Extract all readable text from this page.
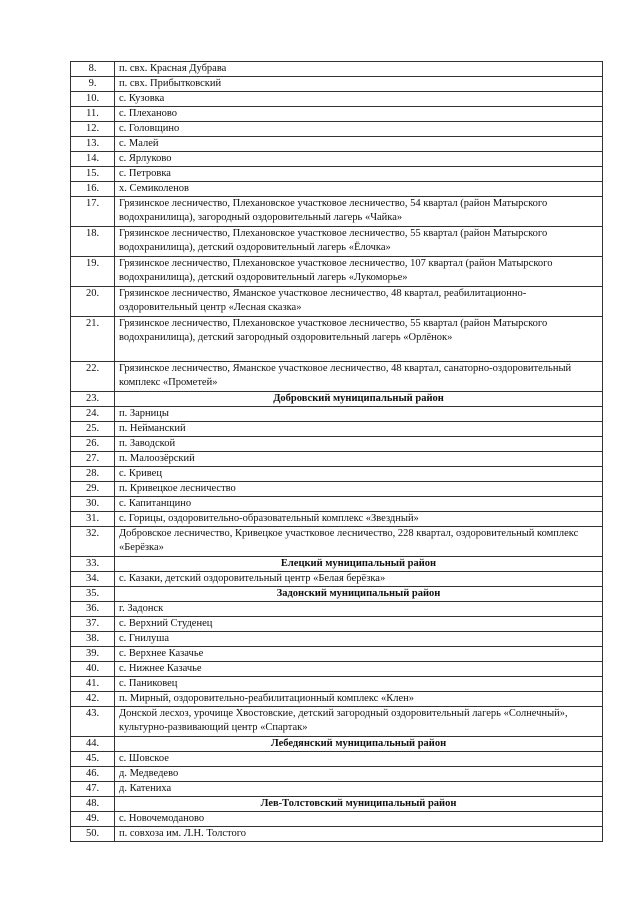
8.	п. свх. Красная Дубрава
9.	п. свх. Прибытковский
10.	с. Кузовка
11.	с. Плеханово
12.	с. Головщино
13.	с. Малей
14.	с. Ярлуково
15.	с. Петровка
16.	х. Семиколенов
17.	Грязинское лесничество, Плехановское участковое лесничество, 54 квартал (район Матырского водохранилища), загородный оздоровительный лагерь «Чайка»
18.	Грязинское лесничество, Плехановское участковое лесничество, 55 квартал (район Матырского водохранилища), детский оздоровительный лагерь «Ёлочка»
19.	Грязинское лесничество, Плехановское участковое лесничество, 107 квартал (район Матырского водохранилища), детский оздоровительный лагерь «Лукоморье»
20.	Грязинское лесничество, Яманское участковое лесничество, 48 квартал, реабилитационно-оздоровительный центр «Лесная сказка»
21.	Грязинское лесничество, Плехановское участковое лесничество, 55 квартал (район Матырского водохранилища), детский загородный оздоровительный лагерь «Орлёнок»
22.	Грязинское лесничество, Яманское участковое лесничество, 48 квартал, санаторно-оздоровительный комплекс «Прометей»
23.	Добровский муниципальный район
24.	п. Зарницы
25.	п. Нейманский
26.	п. Заводской
27.	п. Малоозёрский
28.	с. Кривец
29.	п. Кривецкое лесничество
30.	с. Капитанщино
31.	с. Горицы, оздоровительно-образовательный комплекс «Звездный»
32.	Добровское лесничество, Кривецкое участковое лесничество, 228 квартал, оздоровительный комплекс «Берёзка»
33.	Елецкий муниципальный район
34.	с. Казаки, детский оздоровительный центр «Белая берёзка»
35.	Задонский муниципальный район
36.	г. Задонск
37.	с. Верхний Студенец
38.	с. Гнилуша
39.	с. Верхнее Казачье
40.	с. Нижнее Казачье
41.	с. Паниковец
42.	п. Мирный, оздоровительно-реабилитационный комплекс «Клен»
43.	Донской лесхоз, урочище Хвостовские, детский загородный оздоровительный лагерь «Солнечный», культурно-развивающий центр «Спартак»
44.	Лебедянский муниципальный район
45.	с. Шовское
46.	д. Медведево
47.	д. Катениха
48.	Лев-Толстовский муниципальный район
49.	с. Новочемоданово
50.	п. совхоза им. Л.Н. Толстого
